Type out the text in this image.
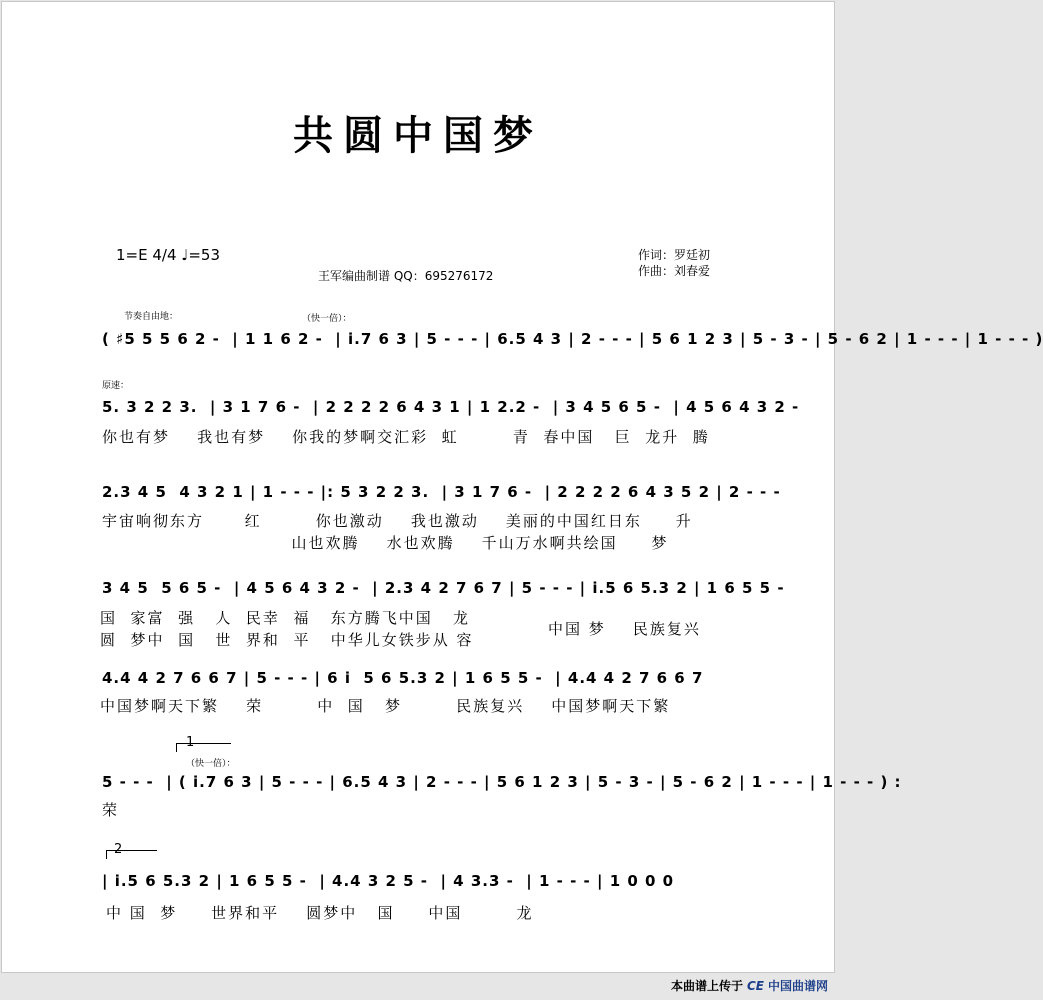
共圆中国梦
1=E 4/4 ♩=53	作词：罗廷初
作曲：刘春爱
王军编曲制谱 QQ：695276172
节奏自由地：	（快一倍）：
( ♯5 5 5 6 2 -  | 1 1 6 2 -  | i.7 6 3 | 5 - - - | 6.5 4 3 | 2 - - - | 5 6 1 2 3 | 5 - 3 - | 5 - 6 2 | 1 - - - | 1 - - - )
原速：
5. 3 2 2 3.  | 3 1 7 6 -  | 2 2 2 2 6 4 3 1 | 1 2.2 -  | 3 4 5 6 5 -  | 4 5 6 4 3 2 -
你也有梦    我也有梦    你我的梦啊交汇彩  虹        青  春中国   巨  龙升  腾
2.3 4 5  4 3 2 1 | 1 - - - |: 5 3 2 2 3.  | 3 1 7 6 -  | 2 2 2 2 6 4 3 5 2 | 2 - - -
宇宙响彻东方      红        你也激动    我也激动    美丽的中国红日东     升
山也欢腾    水也欢腾    千山万水啊共绘国     梦
3 4 5  5 6 5 -  | 4 5 6 4 3 2 -  | 2.3 4 2 7 6 7 | 5 - - - | i.5 6 5.3 2 | 1 6 5 5 -
国  家富  强   人  民幸  福   东方腾飞中国   龙
圆  梦中  国   世  界和  平   中华儿女铁步从 容
中国 梦    民族复兴
4.4 4 2 7 6 6 7 | 5 - - - | 6 i  5 6 5.3 2 | 1 6 5 5 -  | 4.4 4 2 7 6 6 7
中国梦啊天下繁    荣        中  国   梦        民族复兴    中国梦啊天下繁
1
（快一倍）：
5 - - -  | ( i.7 6 3 | 5 - - - | 6.5 4 3 | 2 - - - | 5 6 1 2 3 | 5 - 3 - | 5 - 6 2 | 1 - - - | 1 - - - ) :
荣
2
| i.5 6 5.3 2 | 1 6 5 5 -  | 4.4 3 2 5 -  | 4 3.3 -  | 1 - - - | 1 0 0 0
中 国  梦     世界和平    圆梦中   国     中国        龙
本曲谱上传于 CE 中国曲谱网
